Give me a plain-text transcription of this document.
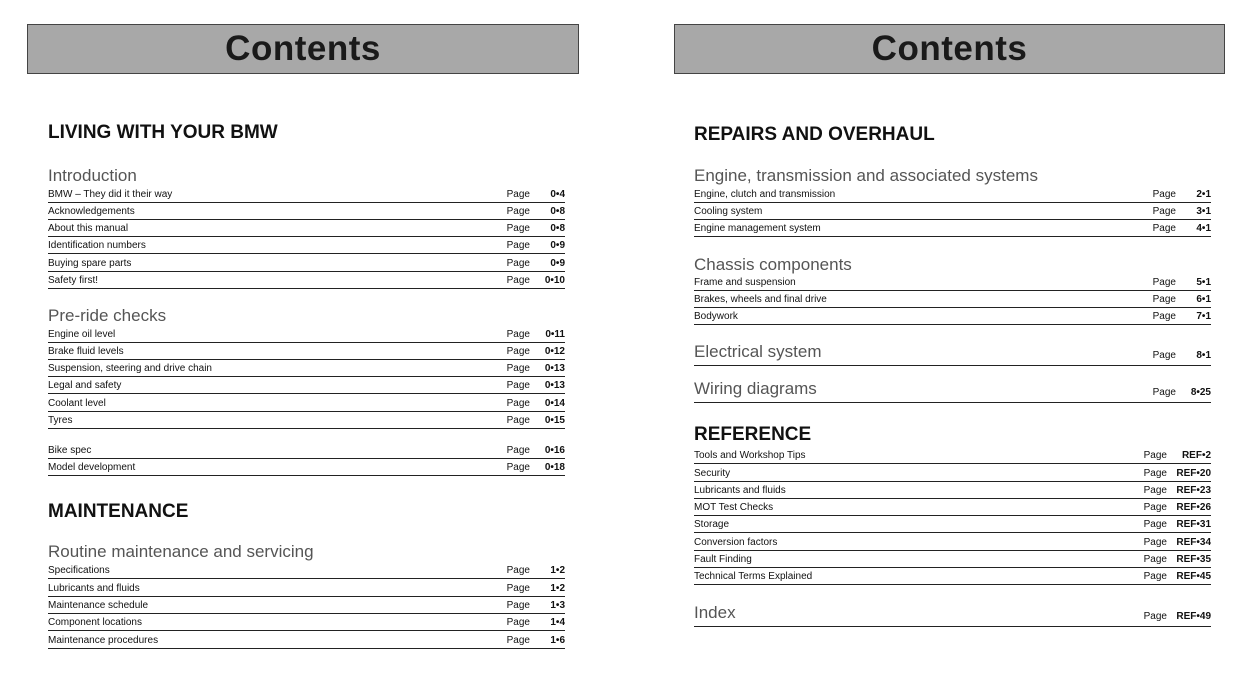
Contents
LIVING WITH YOUR BMW
Introduction
BMW – They did it their way	Page 0•4
Acknowledgements	Page 0•8
About this manual	Page 0•8
Identification numbers	Page 0•9
Buying spare parts	Page 0•9
Safety first!	Page 0•10
Pre-ride checks
Engine oil level	Page 0•11
Brake fluid levels	Page 0•12
Suspension, steering and drive chain	Page 0•13
Legal and safety	Page 0•13
Coolant level	Page 0•14
Tyres	Page 0•15
Bike spec	Page 0•16
Model development	Page 0•18
MAINTENANCE
Routine maintenance and servicing
Specifications	Page 1•2
Lubricants and fluids	Page 1•2
Maintenance schedule	Page 1•3
Component locations	Page 1•4
Maintenance procedures	Page 1•6
Contents
REPAIRS AND OVERHAUL
Engine, transmission and associated systems
Engine, clutch and transmission	Page 2•1
Cooling system	Page 3•1
Engine management system	Page 4•1
Chassis components
Frame and suspension	Page 5•1
Brakes, wheels and final drive	Page 6•1
Bodywork	Page 7•1
Electrical system	Page 8•1
Wiring diagrams	Page 8•25
REFERENCE
Tools and Workshop Tips	Page REF•2
Security	Page REF•20
Lubricants and fluids	Page REF•23
MOT Test Checks	Page REF•26
Storage	Page REF•31
Conversion factors	Page REF•34
Fault Finding	Page REF•35
Technical Terms Explained	Page REF•45
Index	Page REF•49
